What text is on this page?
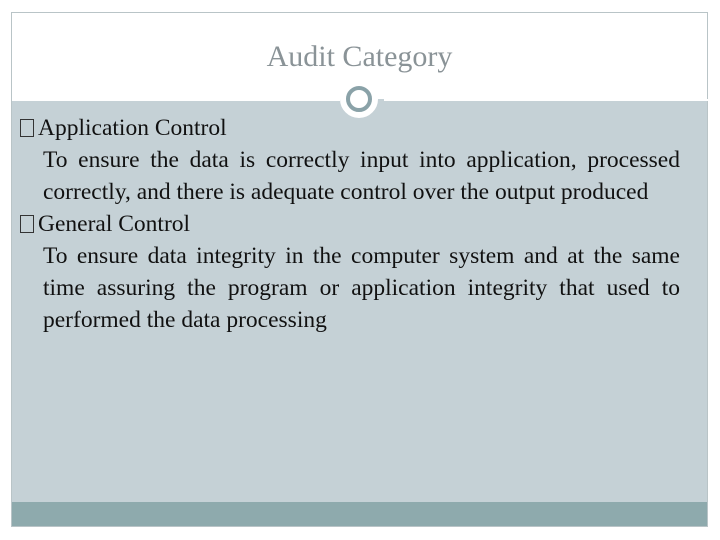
Audit Category
Application Control
To ensure the data is correctly input into application, processed correctly, and there is adequate control over the output produced
General Control
To ensure data integrity in the computer system and at the same time assuring the program or application integrity that used to performed the data processing
